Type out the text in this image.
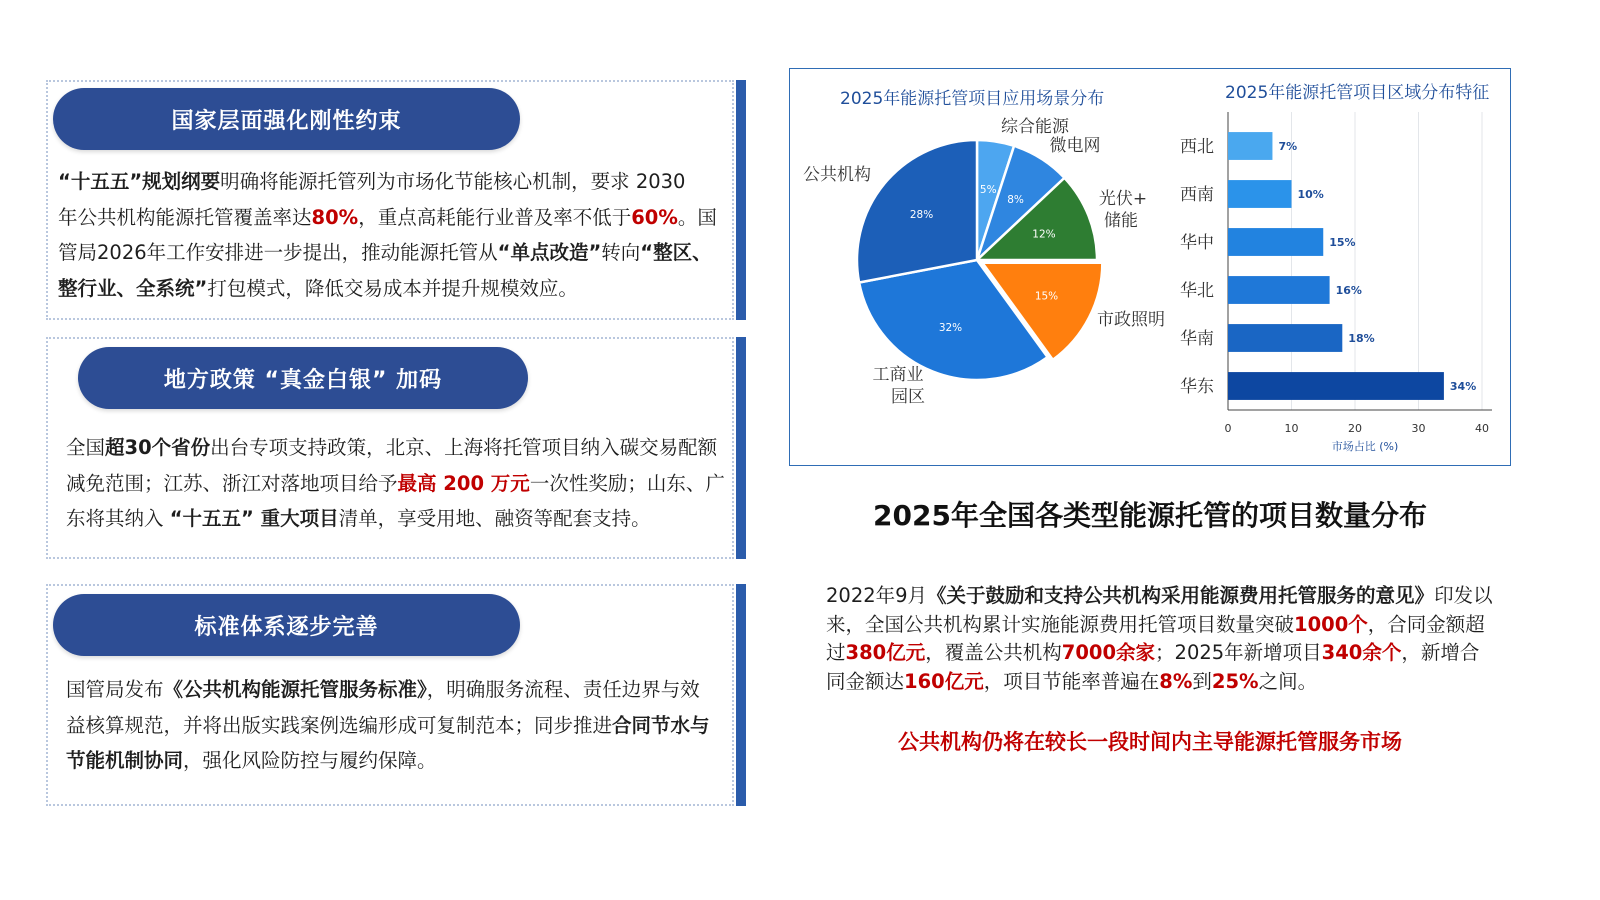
国家层面强化刚性约束
“十五五”规划纲要明确将能源托管列为市场化节能核心机制，要求 2030
年公共机构能源托管覆盖率达80%，重点高耗能行业普及率不低于60%。国
管局2026年工作安排进一步提出，推动能源托管从“单点改造”转向“整区、
整行业、全系统”打包模式，降低交易成本并提升规模效应。
地方政策 “真金白银” 加码
全国超30个省份出台专项支持政策，北京、上海将托管项目纳入碳交易配额
减免范围；江苏、浙江对落地项目给予最高 200 万元一次性奖励；山东、广
东将其纳入 “十五五” 重大项目清单，享受用地、融资等配套支持。
标准体系逐步完善
国管局发布《公共机构能源托管服务标准》，明确服务流程、责任边界与效
益核算规范，并将出版实践案例选编形成可复制范本；同步推进合同节水与
节能机制协同，强化风险防控与履约保障。
2025年能源托管项目应用场景分布	2025年能源托管项目区域分布特征
5%
8%
12%
15%
32%
28%
综合能源
微电网
光伏+
储能
市政照明
工商业
园区
公共机构
0	10	20	30	40
西北	7%
西南	10%
华中	15%
华北	16%
华南	18%
华东	34%
市场占比 (%)
2025年全国各类型能源托管的项目数量分布
2022年9月《关于鼓励和支持公共机构采用能源费用托管服务的意见》印发以来，全国公共机构累计实施能源费用托管项目数量突破1000个，合同金额超过380亿元，覆盖公共机构7000余家；2025年新增项目340余个，新增合同金额达160亿元，项目节能率普遍在8%到25%之间。
公共机构仍将在较长一段时间内主导能源托管服务市场
